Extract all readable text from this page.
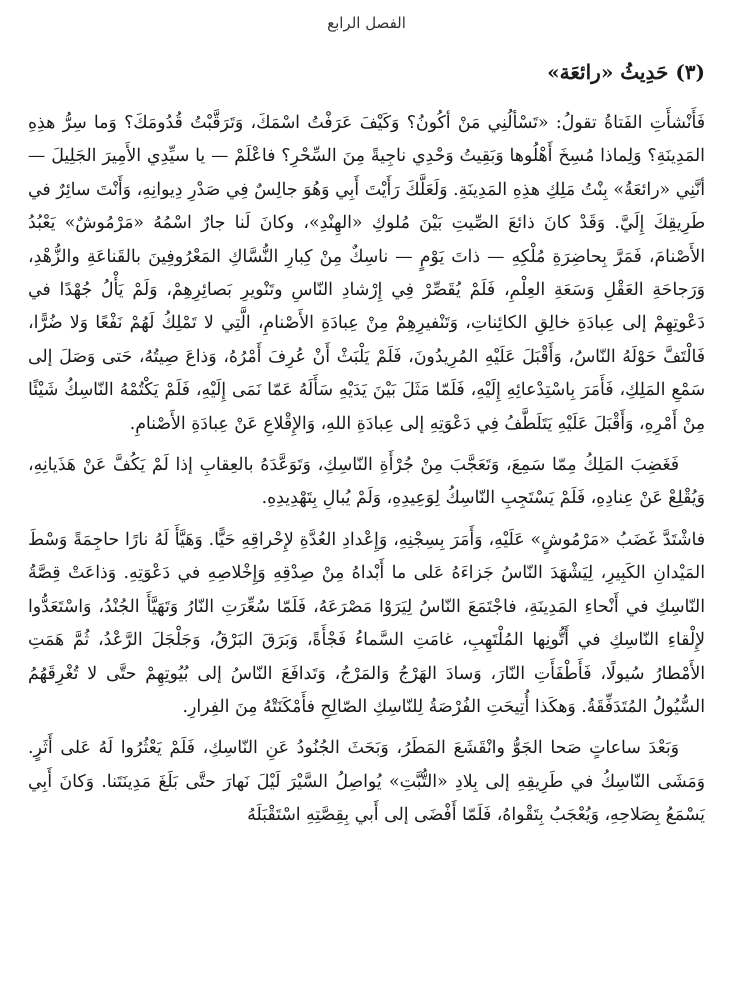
الفصل الرابع
(٣) حَدِيثُ «رائعَة»

فَأَنْشأَتِ الفَتاةُ تقولُ: «تَسْألُنِي مَنْ أكُونُ؟ وَكَيْفَ عَرَفْتُ اسْمَكَ، وَتَرَقَّبْتُ قُدُومَكَ؟ وَما سِرُّ هذِهِ المَدِينَةِ؟ وَلِماذا مُسِخَ أَهْلُوها وَبَقِيتُ وَحْدِي ناجِيةً مِنَ السِّحْرِ؟ فاعْلَمْ — يا سيِّدِي الأَمِيرَ الجَلِيلَ — أنَّنِي «رائعَةُ» بِنْتُ مَلِكِ هذِهِ المَدِينَةِ. وَلَعَلَّكَ رَأَيْتَ أَبِي وَهُوَ جالِسٌ فِي صَدْرِ دِيوانِهِ، وَأَنْتَ سائِرٌ في طَرِيقِكَ إِلَيَّ. وَقَدْ كانَ ذائعَ الصِّيتِ بَيْنَ مُلوكِ «الهِنْدِ»، وكانَ لَنا جارٌ اسْمُهُ «مَرْمُوشٌ» يَعْبُدُ الأَصْنامَ، فَمَرَّ بِحاضِرَةِ مُلْكِهِ — ذاتَ يَوْمٍ — ناسِكٌ مِنْ كِبارِ النُّسَّاكِ المَعْرُوفِينَ بالقَناعَةِ والزُّهْدِ، وَرَجاحَةِ العَقْلِ وَسَعَةِ العِلْمِ، فَلَمْ يُقَصِّرْ فِي إِرْشادِ النّاسِ وتَنْويرِ بَصائِرِهِمْ، وَلَمْ يَأْلُ جُهْدًا في دَعْوتِهِمْ إلى عِبادَةِ خالِقِ الكائِناتِ، وَتَنْفيرِهِمْ مِنْ عِبادَةِ الأَصْنامِ، الَّتِي لا تَمْلِكُ لَهُمْ نَفْعًا وَلا ضُرًّا، فَالْتَفَّ حَوْلَهُ النّاسُ، وَأَقْبَلَ عَلَيْهِ المُرِيدُونَ، فَلَمْ يَلْبَثْ أَنْ عُرِفَ أَمْرُهُ، وَذاعَ صِيتُهُ، حَتى وَصَلَ إلى سَمْعِ المَلِكِ، فَأَمَرَ بِاسْتِدْعائِهِ إِلَيْهِ، فَلَمّا مَثَلَ بَيْنَ يَدَيْهِ سَأَلَهُ عَمّا نَمَى إِلَيْهِ، فَلَمْ يَكْتُمْهُ النّاسِكُ شَيْئًا مِنْ أَمْرِهِ، وَأَقْبَلَ عَلَيْهِ يَتَلَطَّفُ فِي دَعْوَتِهِ إلى عِبادَةِ اللهِ، وَالإِقْلاعِ عَنْ عِبادَةِ الأَصْنامِ.

فَغَضِبَ المَلِكُ مِمّا سَمِعَ، وَتَعَجَّبَ مِنْ جُرْأَةِ النّاسِكِ، وَتَوَعَّدَهُ بالعِقابِ إذا لَمْ يَكُفَّ عَنْ هَذَيانِهِ، وَيُقْلِعْ عَنْ عِنادِهِ، فَلَمْ يَسْتَجِبِ النّاسِكُ لِوَعِيدِهِ، وَلَمْ يُبالِ بِتَهْدِيدِهِ.

فاشْتَدَّ غَضَبُ «مَرْمُوشٍ» عَلَيْهِ، وَأَمَرَ بِسِجْنِهِ، وَإِعْدادِ العُدَّةِ لإِحْراقِهِ حَيًّا. وَهَيَّأَ لَهُ نارًا حاجِمَةً وَسْطَ المَيْدانِ الكَبِيرِ، لِيَشْهَدَ النّاسُ جَزاءَهُ عَلى ما أَبْداهُ مِنْ صِدْقِهِ وَإِخْلاصِهِ في دَعْوَتِهِ. وَذاعَتْ قِصَّةُ النّاسِكِ في أَنْحاءِ المَدِينَةِ، فاجْتَمَعَ النّاسُ لِيَرَوْا مَصْرَعَهُ، فَلَمّا سُعِّرَتِ النّارُ وَتَهَيَّأَ الجُنْدُ، وَاسْتَعَدُّوا لإِلْقاءِ النّاسِكِ في أَتُّونِها المُلْتَهِبِ، غامَتِ السَّماءُ فَجْأَةً، وَبَرَقَ البَرْقُ، وَجَلْجَلَ الرَّعْدُ، ثُمَّ هَمَتِ الأَمْطارُ سُيولًا، فَأَطْفَأَتِ النّارَ، وَسادَ الهَرْجُ وَالمَرْجُ، وَتَدافَعَ النّاسُ إلى بُيُوتِهِمْ حتَّى لا تُغْرِقَهُمُ السُّيُولُ المُتَدَفِّقَةُ. وَهكَذا أُتِيحَتِ الفُرْصَةُ لِلنّاسِكِ الصّالِحِ فأَمْكَنَتْهُ مِنَ الفِرارِ.

وَبَعْدَ ساعاتٍ صَحا الجَوُّ وانْقَشَعَ المَطَرُ، وَبَحَثَ الجُنُودُ عَنِ النّاسِكِ، فَلَمْ يَعْثُرُوا لَهُ عَلى أَثَرٍ. وَمَشَى النّاسِكُ في طَرِيقِهِ إلى بِلادِ «التُّبَّتِ» يُواصِلُ السَّيْرَ لَيْلَ نَهارَ حتَّى بَلَغَ مَدِينَتَنا. وَكانَ أَبِي يَسْمَعُ بِصَلاحِهِ، وَيُعْجَبُ بِتَقْواهُ، فَلَمّا أَفْضَى إلى أَبي بِقِصَّتِهِ اسْتَقْبَلَهُ
